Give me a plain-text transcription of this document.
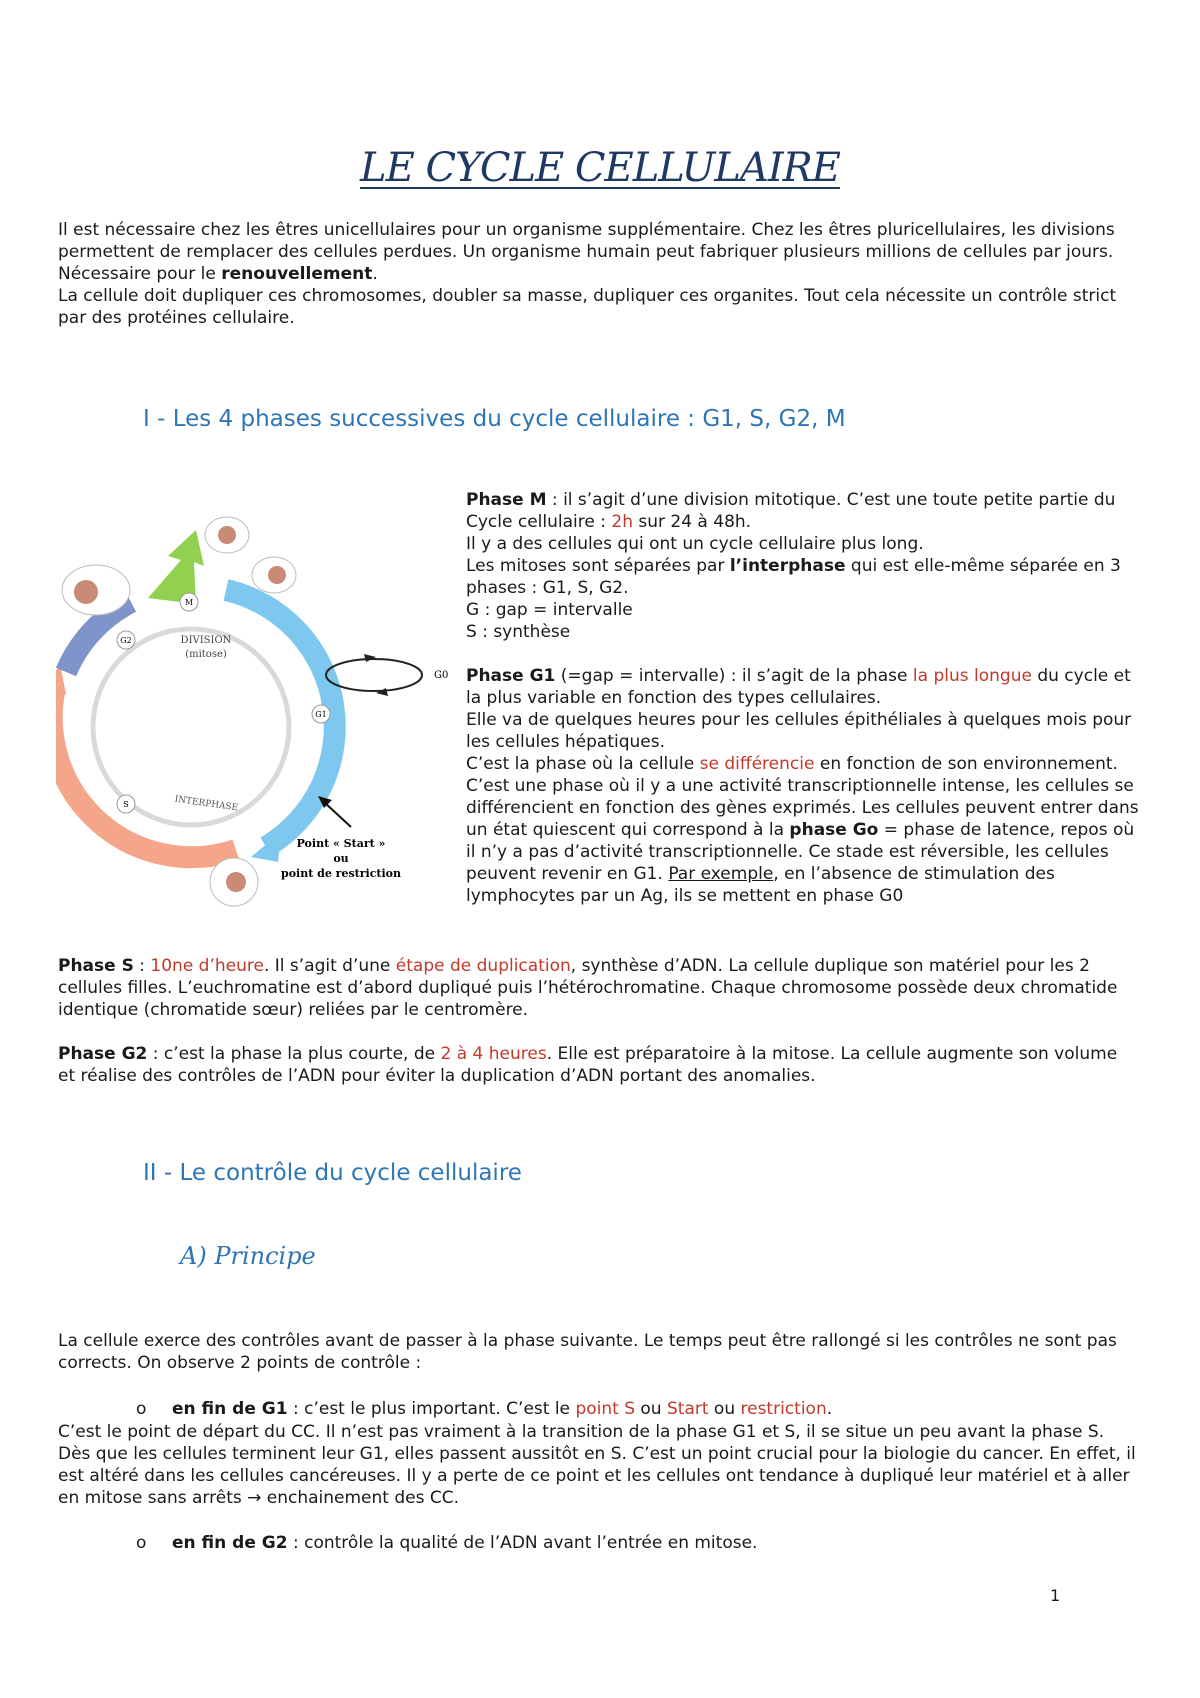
LE CYCLE CELLULAIRE

Il est nécessaire chez les êtres unicellulaires pour un organisme supplémentaire. Chez les êtres pluricellulaires, les divisions permettent de remplacer des cellules perdues. Un organisme humain peut fabriquer plusieurs millions de cellules par jours. Nécessaire pour le renouvellement.

La cellule doit dupliquer ces chromosomes, doubler sa masse, dupliquer ces organites. Tout cela nécessite un contrôle strict par des protéines cellulaire.

I - Les 4 phases successives du cycle cellulaire : G1, S, G2, M
M
G2
G1
S
DIVISION
(mitose)
INTERPHASE
G0
Point « Start »
ou
point de restriction

Phase M : il s’agit d’une division mitotique. C’est une toute petite partie du Cycle cellulaire : 2h sur 24 à 48h.

Il y a des cellules qui ont un cycle cellulaire plus long.

Les mitoses sont séparées par l’interphase qui est elle-même séparée en 3 phases : G1, S, G2.

G : gap = intervalle

S : synthèse

Phase G1 (=gap = intervalle) : il s’agit de la phase la plus longue du cycle et la plus variable en fonction des types cellulaires.

Elle va de quelques heures pour les cellules épithéliales à quelques mois pour les cellules hépatiques.

C’est la phase où la cellule se différencie en fonction de son environnement. C’est une phase où il y a une activité transcriptionnelle intense, les cellules se différencient en fonction des gènes exprimés. Les cellules peuvent entrer dans un état quiescent qui correspond à la phase Go = phase de latence, repos où il n’y a pas d’activité transcriptionnelle. Ce stade est réversible, les cellules peuvent revenir en G1. Par exemple, en l’absence de stimulation des lymphocytes par un Ag, ils se mettent en phase G0

Phase S : 10ne d’heure. Il s’agit d’une étape de duplication, synthèse d’ADN. La cellule duplique son matériel pour les 2 cellules filles. L’euchromatine est d’abord dupliqué puis l’hétérochromatine. Chaque chromosome possède deux chromatide identique (chromatide sœur) reliées par le centromère.

Phase G2 : c’est la phase la plus courte, de 2 à 4 heures. Elle est préparatoire à la mitose. La cellule augmente son volume et réalise des contrôles de l’ADN pour éviter la duplication d’ADN portant des anomalies.

II - Le contrôle du cycle cellulaire
A) Principe

La cellule exerce des contrôles avant de passer à la phase suivante. Le temps peut être rallongé si les contrôles ne sont pas corrects. On observe 2 points de contrôle :

o en fin de G1 : c’est le plus important. C’est le point S ou Start ou restriction.

C’est le point de départ du CC. Il n’est pas vraiment à la transition de la phase G1 et S, il se situe un peu avant la phase S. Dès que les cellules terminent leur G1, elles passent aussitôt en S. C’est un point crucial pour la biologie du cancer. En effet, il est altéré dans les cellules cancéreuses. Il y a perte de ce point et les cellules ont tendance à dupliqué leur matériel et à aller en mitose sans arrêts → enchainement des CC.

o en fin de G2 : contrôle la qualité de l’ADN avant l’entrée en mitose.
1
